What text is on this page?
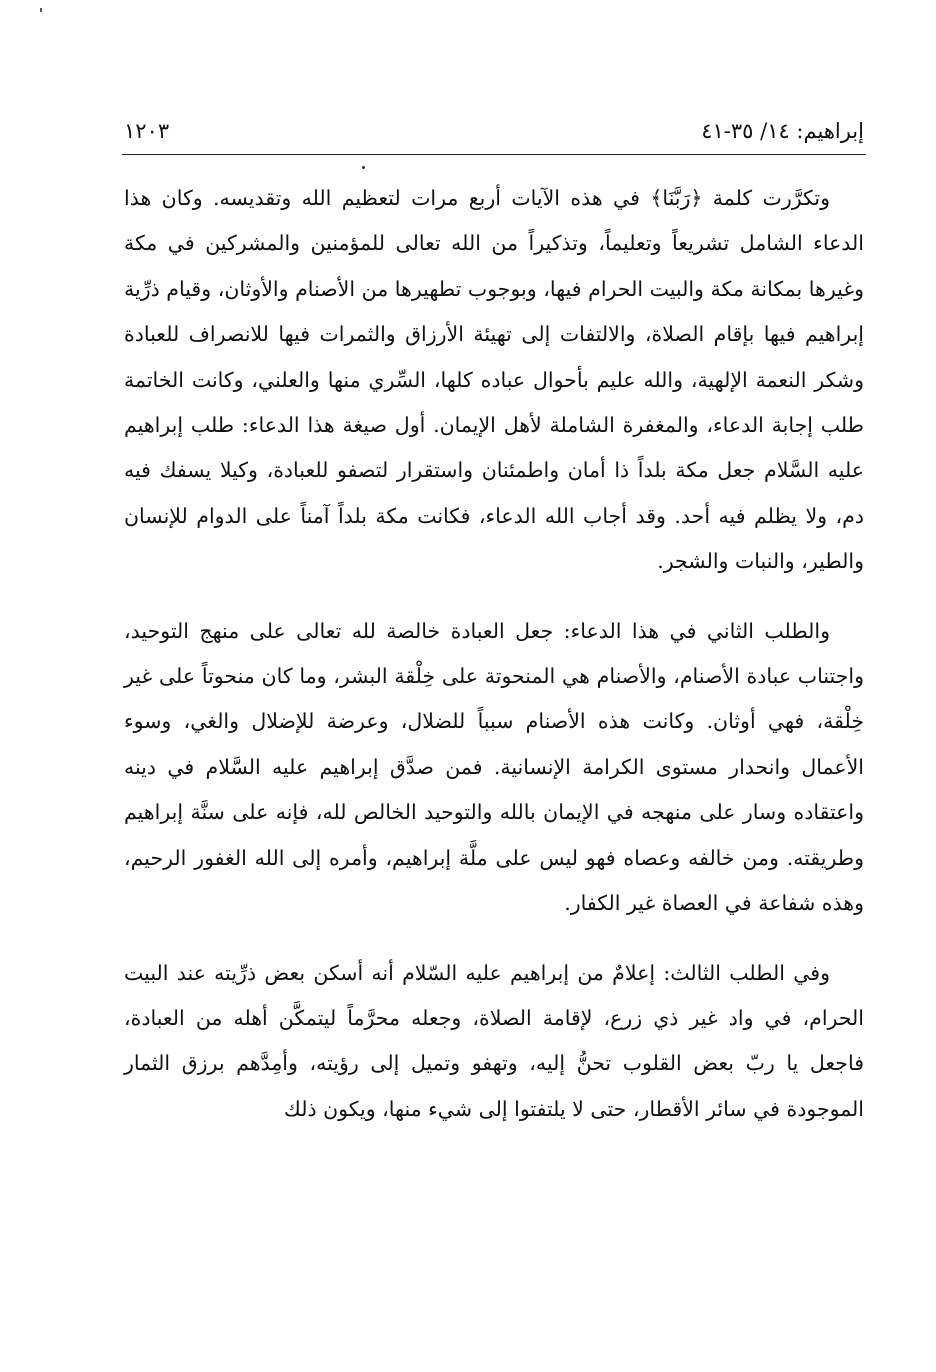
إبراهيم: ١٤/ ٣٥-٤١
١٢٠٣

وتكرَّرت كلمة ﴿رَبَّنَا﴾ في هذه الآيات أربع مرات لتعظيم الله وتقديسه. وكان هذا الدعاء الشامل تشريعاً وتعليماً، وتذكيراً من الله تعالى للمؤمنين والمشركين في مكة وغيرها بمكانة مكة والبيت الحرام فيها، وبوجوب تطهيرها من الأصنام والأوثان، وقيام ذرِّية إبراهيم فيها بإقام الصلاة، والالتفات إلى تهيئة الأرزاق والثمرات فيها للانصراف للعبادة وشكر النعمة الإلهية، والله عليم بأحوال عباده كلها، السِّري منها والعلني، وكانت الخاتمة طلب إجابة الدعاء، والمغفرة الشاملة لأهل الإيمان. أول صيغة هذا الدعاء: طلب إبراهيم عليه السَّلام جعل مكة بلداً ذا أمان واطمئنان واستقرار لتصفو للعبادة، وكيلا يسفك فيه دم، ولا يظلم فيه أحد. وقد أجاب الله الدعاء، فكانت مكة بلداً آمناً على الدوام للإنسان والطير، والنبات والشجر.

والطلب الثاني في هذا الدعاء: جعل العبادة خالصة لله تعالى على منهج التوحيد، واجتناب عبادة الأصنام، والأصنام هي المنحوتة على خِلْقة البشر، وما كان منحوتاً على غير خِلْقة، فهي أوثان. وكانت هذه الأصنام سبباً للضلال، وعرضة للإضلال والغي، وسوء الأعمال وانحدار مستوى الكرامة الإنسانية. فمن صدَّق إبراهيم عليه السَّلام في دينه واعتقاده وسار على منهجه في الإيمان بالله والتوحيد الخالص لله، فإنه على سنَّة إبراهيم وطريقته. ومن خالفه وعصاه فهو ليس على ملَّة إبراهيم، وأمره إلى الله الغفور الرحيم، وهذه شفاعة في العصاة غير الكفار.

وفي الطلب الثالث: إعلامٌ من إبراهيم عليه السّلام أنه أسكن بعض ذرِّيته عند البيت الحرام، في واد غير ذي زرع، لإقامة الصلاة، وجعله محرَّماً ليتمكَّن أهله من العبادة، فاجعل يا ربّ بعض القلوب تحنُّ إليه، وتهفو وتميل إلى رؤيته، وأمِدَّهم برزق الثمار الموجودة في سائر الأقطار، حتى لا يلتفتوا إلى شيء منها، ويكون ذلك
